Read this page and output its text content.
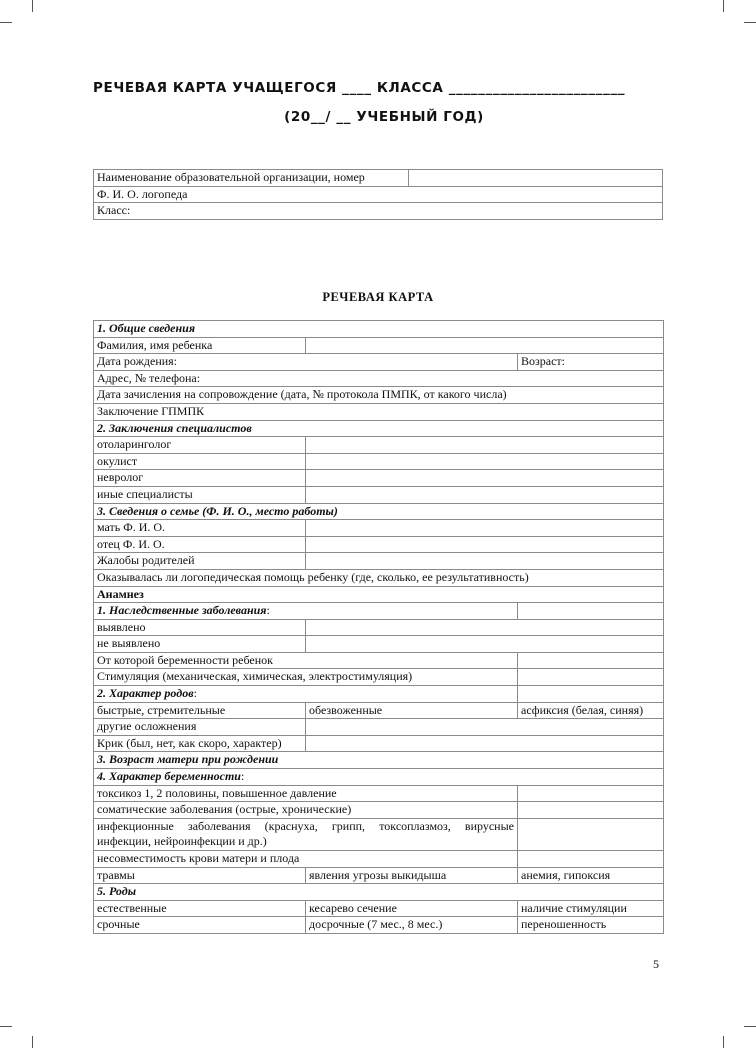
РЕЧЕВАЯ КАРТА УЧАЩЕГОСЯ ____ КЛАССА ________________________
(20__/ __ УЧЕБНЫЙ ГОД)
Наименование образовательной организации, номер	
Ф. И. О. логопеда
Класс:
РЕЧЕВАЯ КАРТА
1. Общие сведения		
Фамилия, имя ребенка		
Дата рождения:		Возраст:
Адрес, № телефона:		
Дата зачисления на сопровождение (дата, № протокола ПМПК, от какого числа)		
Заключение ГПМПК		
2. Заключения специалистов		
отоларинголог		
окулист		
невролог		
иные специалисты		
3. Сведения о семье (Ф. И. О., место работы)		
мать Ф. И. О.		
отец Ф. И. О.		
Жалобы родителей		
Оказывалась ли логопедическая помощь ребенку (где, сколько, ее результативность)		
Анамнез		
1. Наследственные заболевания:		
выявлено		
не выявлено		
От которой беременности ребенок		
Стимуляция (механическая, химическая, электростимуляция)		
2. Характер родов:		
быстрые, стремительные	обезвоженные	асфиксия (белая, синяя)
другие осложнения		
Крик (был, нет, как скоро, характер)		
3. Возраст матери при рождении		
4. Характер беременности:		
токсикоз 1, 2 половины, повышенное давление		
соматические заболевания (острые, хронические)		
инфекционные заболевания (краснуха, грипп, токсоплазмоз, вирусные инфекции, нейроинфекции и др.)		
несовместимость крови матери и плода		
травмы	явления угрозы выкидыша	анемия, гипоксия
5. Роды		
естественные	кесарево сечение	наличие стимуляции
срочные	досрочные (7 мес., 8 мес.)	переношенность
5
